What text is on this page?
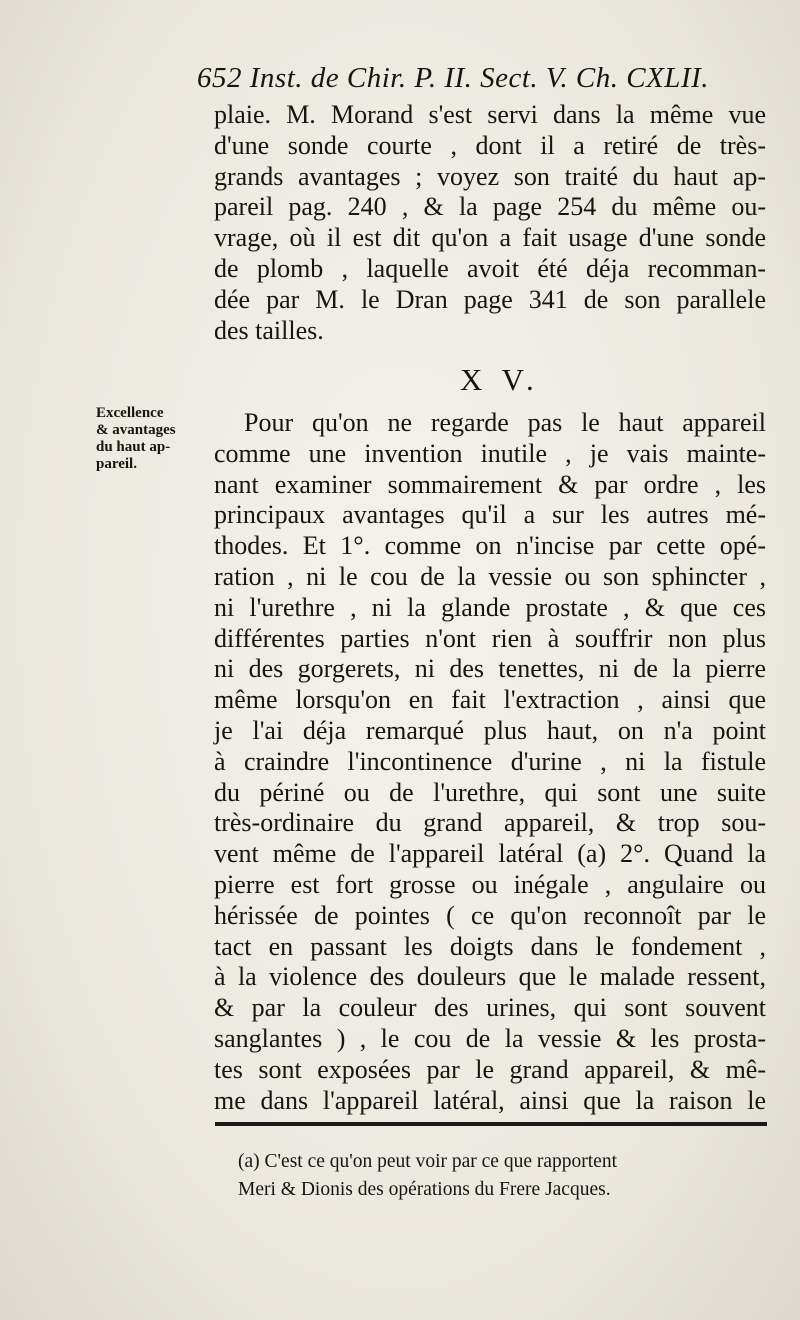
652 Inst. de Chir. P. II. Sect. V. Ch. CXLII.
plaie. M. Morand s'est servi dans la même vue
d'une sonde courte , dont il a retiré de très-
grands avantages ; voyez son traité du haut ap-
pareil pag. 240 , & la page 254 du même ou-
vrage, où il est dit qu'on a fait usage d'une sonde
de plomb , laquelle avoit été déja recomman-
dée par M. le Dran page 341 de son parallele
des tailles.
X V.
Excellence
& avantages
du haut ap-
pareil.
Pour qu'on ne regarde pas le haut appareil
comme une invention inutile , je vais mainte-
nant examiner sommairement & par ordre , les
principaux avantages qu'il a sur les autres mé-
thodes. Et 1°. comme on n'incise par cette opé-
ration , ni le cou de la vessie ou son sphincter ,
ni l'urethre , ni la glande prostate , & que ces
différentes parties n'ont rien à souffrir non plus
ni des gorgerets, ni des tenettes, ni de la pierre
même lorsqu'on en fait l'extraction , ainsi que
je l'ai déja remarqué plus haut, on n'a point
à craindre l'incontinence d'urine , ni la fistule
du périné ou de l'urethre, qui sont une suite
très-ordinaire du grand appareil, & trop sou-
vent même de l'appareil latéral (a) 2°. Quand la
pierre est fort grosse ou inégale , angulaire ou
hérissée de pointes ( ce qu'on reconnoît par le
tact en passant les doigts dans le fondement ,
à la violence des douleurs que le malade ressent,
& par la couleur des urines, qui sont souvent
sanglantes ) , le cou de la vessie & les prosta-
tes sont exposées par le grand appareil, & mê-
me dans l'appareil latéral, ainsi que la raison le
(a) C'est ce qu'on peut voir par ce que rapportent
Meri & Dionis des opérations du Frere Jacques.
